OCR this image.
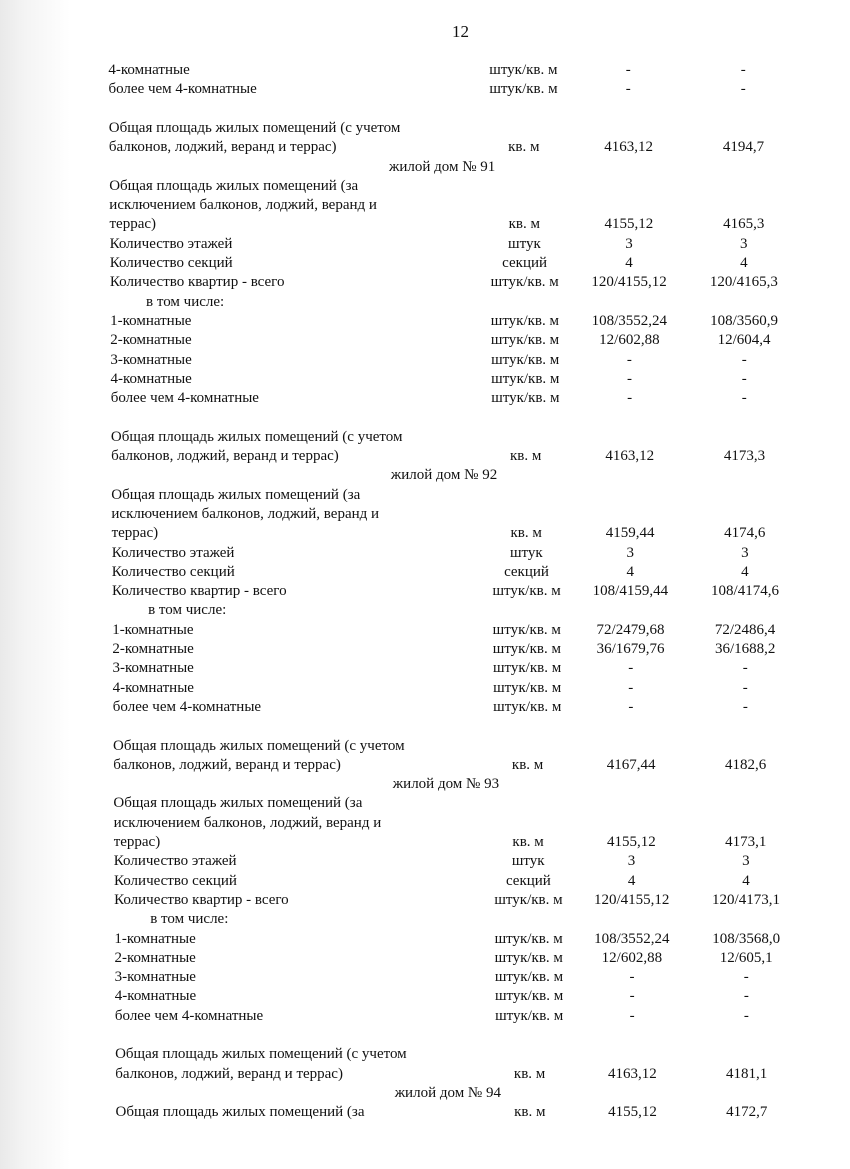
12
4-комнатные	штук/кв. м	-	-
более чем 4-комнатные	штук/кв. м	-	-
Общая площадь жилых помещений (с учетом
балконов, лоджий, веранд и террас)	кв. м	4163,12	4194,7
жилой дом № 91
Общая площадь жилых помещений (за
исключением балконов, лоджий, веранд и
террас)	кв. м	4155,12	4165,3
Количество этажей	штук	3	3
Количество секций	секций	4	4
Количество квартир - всего	штук/кв. м	120/4155,12	120/4165,3
в том числе:
1-комнатные	штук/кв. м	108/3552,24	108/3560,9
2-комнатные	штук/кв. м	12/602,88	12/604,4
3-комнатные	штук/кв. м	-	-
4-комнатные	штук/кв. м	-	-
более чем 4-комнатные	штук/кв. м	-	-
Общая площадь жилых помещений (с учетом
балконов, лоджий, веранд и террас)	кв. м	4163,12	4173,3
жилой дом № 92
Общая площадь жилых помещений (за
исключением балконов, лоджий, веранд и
террас)	кв. м	4159,44	4174,6
Количество этажей	штук	3	3
Количество секций	секций	4	4
Количество квартир - всего	штук/кв. м	108/4159,44	108/4174,6
в том числе:
1-комнатные	штук/кв. м	72/2479,68	72/2486,4
2-комнатные	штук/кв. м	36/1679,76	36/1688,2
3-комнатные	штук/кв. м	-	-
4-комнатные	штук/кв. м	-	-
более чем 4-комнатные	штук/кв. м	-	-
Общая площадь жилых помещений (с учетом
балконов, лоджий, веранд и террас)	кв. м	4167,44	4182,6
жилой дом № 93
Общая площадь жилых помещений (за
исключением балконов, лоджий, веранд и
террас)	кв. м	4155,12	4173,1
Количество этажей	штук	3	3
Количество секций	секций	4	4
Количество квартир - всего	штук/кв. м	120/4155,12	120/4173,1
в том числе:
1-комнатные	штук/кв. м	108/3552,24	108/3568,0
2-комнатные	штук/кв. м	12/602,88	12/605,1
3-комнатные	штук/кв. м	-	-
4-комнатные	штук/кв. м	-	-
более чем 4-комнатные	штук/кв. м	-	-
Общая площадь жилых помещений (с учетом
балконов, лоджий, веранд и террас)	кв. м	4163,12	4181,1
жилой дом № 94
Общая площадь жилых помещений (за	кв. м	4155,12	4172,7
